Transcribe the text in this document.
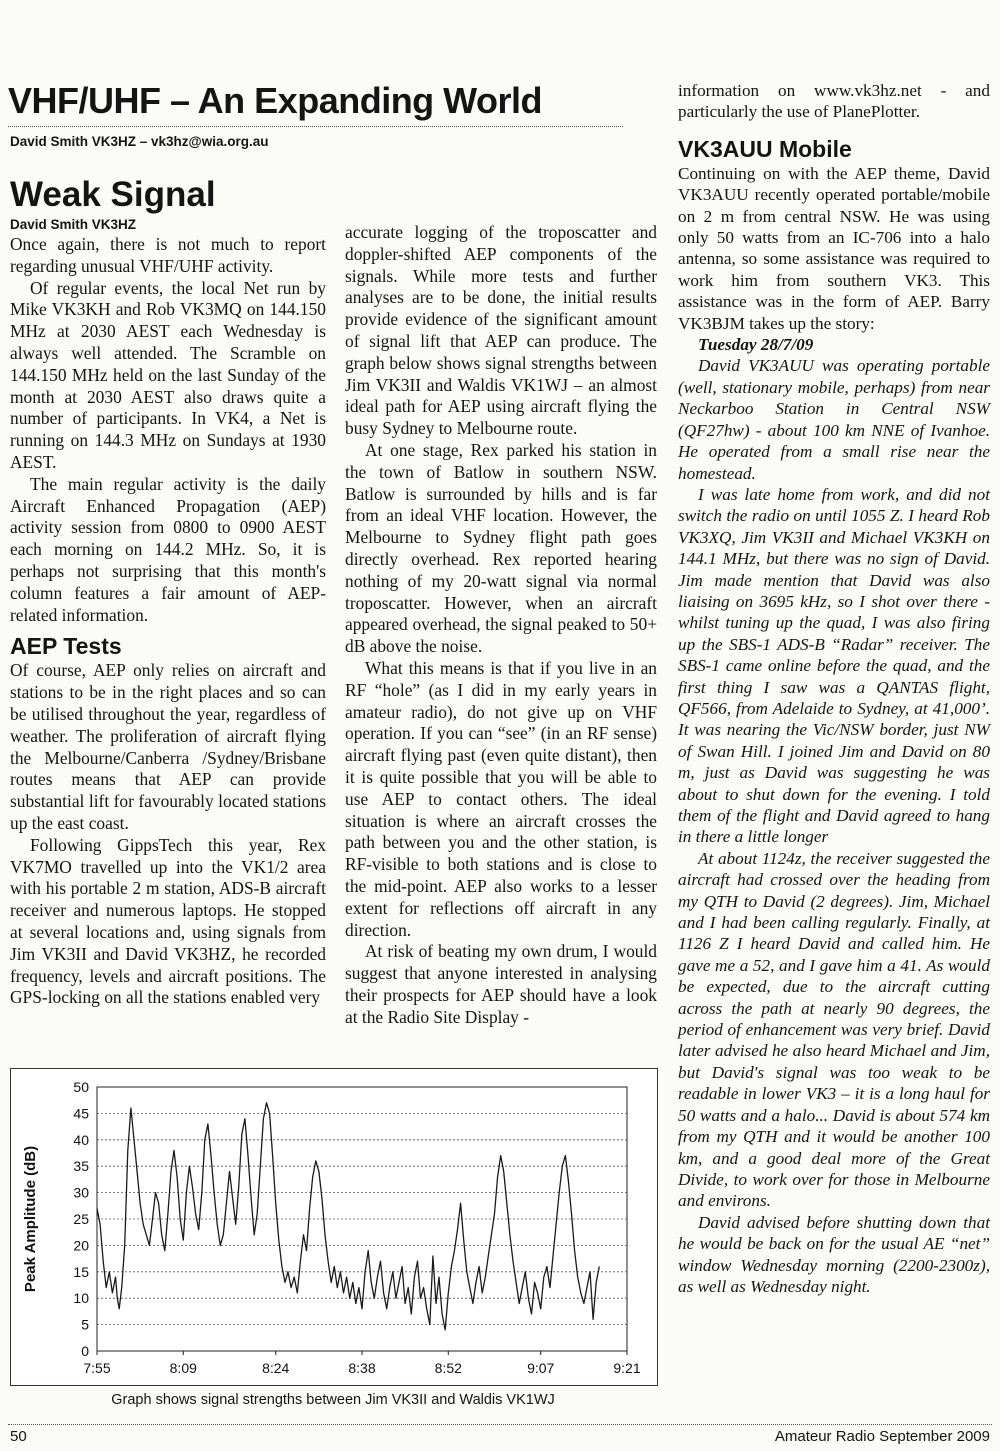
VHF/UHF – An Expanding World
David Smith VK3HZ – vk3hz@wia.org.au
Weak Signal
David Smith VK3HZ

Once again, there is not much to report regarding unusual VHF/UHF activity.

Of regular events, the local Net run by Mike VK3KH and Rob VK3MQ on 144.150 MHz at 2030 AEST each Wednesday is always well attended. The Scramble on 144.150 MHz held on the last Sunday of the month at 2030 AEST also draws quite a number of participants. In VK4, a Net is running on 144.3 MHz on Sundays at 1930 AEST.

The main regular activity is the daily Aircraft Enhanced Propagation (AEP) activity session from 0800 to 0900 AEST each morning on 144.2 MHz. So, it is perhaps not surprising that this month's column features a fair amount of AEP-related information.

AEP Tests

Of course, AEP only relies on aircraft and stations to be in the right places and so can be utilised throughout the year, regardless of weather. The proliferation of aircraft flying the Melbourne/Canberra /Sydney/Brisbane routes means that AEP can provide substantial lift for favourably located stations up the east coast.

Following GippsTech this year, Rex VK7MO travelled up into the VK1/2 area with his portable 2 m station, ADS-B aircraft receiver and numerous laptops. He stopped at several locations and, using signals from Jim VK3II and David VK3HZ, he recorded frequency, levels and aircraft positions. The GPS-locking on all the stations enabled very

accurate logging of the troposcatter and doppler-shifted AEP components of the signals. While more tests and further analyses are to be done, the initial results provide evidence of the significant amount of signal lift that AEP can produce. The graph below shows signal strengths between Jim VK3II and Waldis VK1WJ – an almost ideal path for AEP using aircraft flying the busy Sydney to Melbourne route.

At one stage, Rex parked his station in the town of Batlow in southern NSW. Batlow is surrounded by hills and is far from an ideal VHF location. However, the Melbourne to Sydney flight path goes directly overhead. Rex reported hearing nothing of my 20-watt signal via normal troposcatter. However, when an aircraft appeared overhead, the signal peaked to 50+ dB above the noise.

What this means is that if you live in an RF “hole” (as I did in my early years in amateur radio), do not give up on VHF operation. If you can “see” (in an RF sense) aircraft flying past (even quite distant), then it is quite possible that you will be able to use AEP to contact others. The ideal situation is where an aircraft crosses the path between you and the other station, is RF-visible to both stations and is close to the mid-point. AEP also works to a lesser extent for reflections off aircraft in any direction.

At risk of beating my own drum, I would suggest that anyone interested in analysing their prospects for AEP should have a look at the Radio Site Display -

information on www.vk3hz.net - and particularly the use of PlanePlotter.

VK3AUU Mobile

Continuing on with the AEP theme, David VK3AUU recently operated portable/mobile on 2 m from central NSW. He was using only 50 watts from an IC-706 into a halo antenna, so some assistance was required to work him from southern VK3. This assistance was in the form of AEP. Barry VK3BJM takes up the story:

Tuesday 28/7/09

David VK3AUU was operating portable (well, stationary mobile, perhaps) from near Neckarboo Station in Central NSW (QF27hw) - about 100 km NNE of Ivanhoe. He operated from a small rise near the homestead.

I was late home from work, and did not switch the radio on until 1055 Z. I heard Rob VK3XQ, Jim VK3II and Michael VK3KH on 144.1 MHz, but there was no sign of David. Jim made mention that David was also liaising on 3695 kHz, so I shot over there - whilst tuning up the quad, I was also firing up the SBS-1 ADS-B “Radar” receiver. The SBS-1 came online before the quad, and the first thing I saw was a QANTAS flight, QF566, from Adelaide to Sydney, at 41,000’. It was nearing the Vic/NSW border, just NW of Swan Hill. I joined Jim and David on 80 m, just as David was suggesting he was about to shut down for the evening. I told them of the flight and David agreed to hang in there a little longer

At about 1124z, the receiver suggested the aircraft had crossed over the heading from my QTH to David (2 degrees). Jim, Michael and I had been calling regularly. Finally, at 1126 Z I heard David and called him. He gave me a 52, and I gave him a 41. As would be expected, due to the aircraft cutting across the path at nearly 90 degrees, the period of enhancement was very brief. David later advised he also heard Michael and Jim, but David's signal was too weak to be readable in lower VK3 – it is a long haul for 50 watts and a halo... David is about 574 km from my QTH and it would be another 100 km, and a good deal more of the Great Divide, to work over for those in Melbourne and environs.

David advised before shutting down that he would be back on for the usual AE “net” window Wednesday morning (2200-2300z), as well as Wednesday night.

0
5
10
15
20
25
30
35
40
45
50
7:55	8:09	8:24	8:38	8:52	9:07	9:21
Peak Amplitude (dB)
Graph shows signal strengths between Jim VK3II and Waldis VK1WJ
50	Amateur Radio September 2009
